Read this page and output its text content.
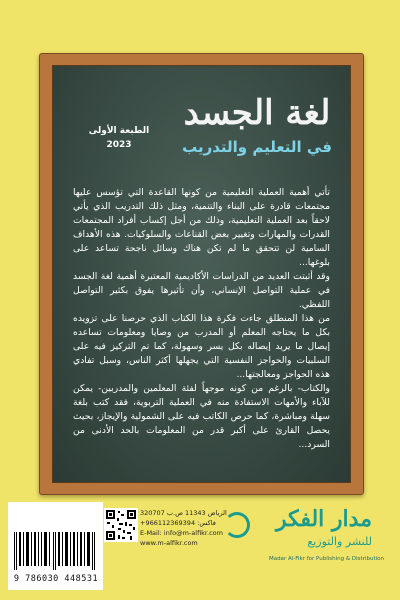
لغة الجسد
في التعليم والتدريب
الطبعة الأولى
2023

تأتي أهمية العملية التعليمية من كونها القاعدة التي تؤسس عليها مجتمعات قادرة على البناء والتنمية، ومثل ذلك التدريب الذي يأتي لاحقاً بعد العملية التعليمية، وذلك من أجل إكساب أفراد المجتمعات القدرات والمهارات وتغيير بعض القناعات والسلوكيات. هذه الأهداف السامية لن تتحقق ما لم تكن هناك وسائل ناجحة تساعد على بلوغها...

وقد أثبتت العديد من الدراسات الأكاديمية المعتبرة أهمية لغة الجسد في عملية التواصل الإنساني، وأن تأثيرها يفوق بكثير التواصل اللفظي.

من هذا المنطلق جاءت فكرة هذا الكتاب الذي حرصنا على تزويده بكل ما يحتاجه المعلم أو المدرب من وصايا ومعلومات تساعده إيصال ما يريد إيصاله بكل يسر وسهولة، كما تم التركيز فيه على السلبيات والحواجز النفسية التي يجهلها أكثر الناس، وسبل تفادي هذه الحواجز ومعالجتها...

والكتاب- بالرغم من كونه موجهاً لفئة المعلمين والمدربين- يمكن للآباء والأمهات الاستفادة منه في العملية التربوية، فقد كتب بلغة سهلة ومباشرة، كما حرص الكاتب فيه على الشمولية والإيجاز، بحيث يحصل القارئ على أكبر قدر من المعلومات بالحد الأدنى من السرد...

9 786030 448531
الرياض 11343 ص.ب 320707
فاكس: 966112369394+
E-Mail: info@m-alfikr.com
www.m-alfikr.com
مدار الفكر
للنشر والتوزيع
Madar Al-Fikr for Publishing & Distribution
